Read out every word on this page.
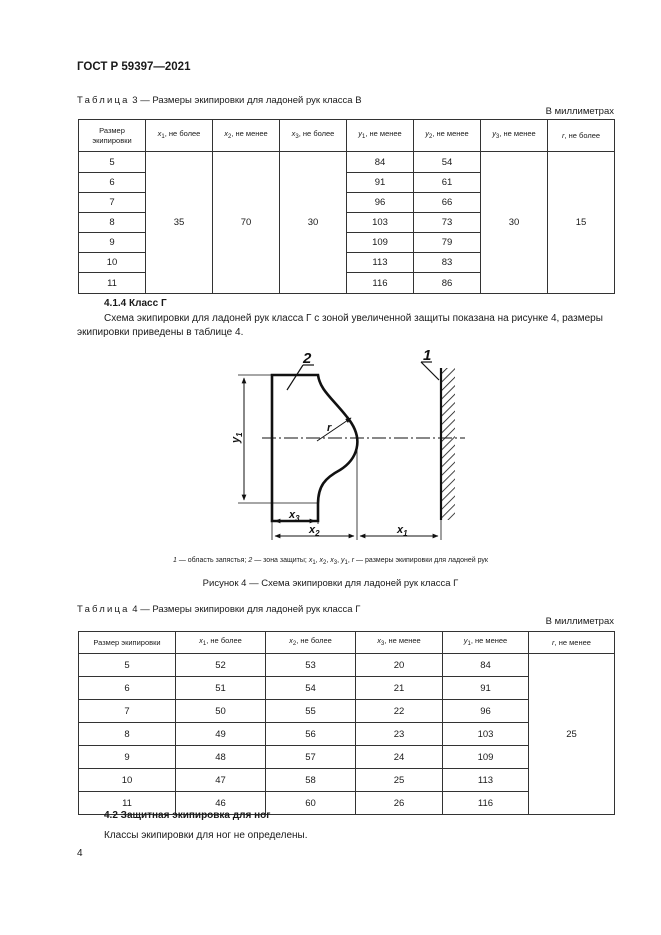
ГОСТ Р 59397—2021
Таблица 3 — Размеры экипировки для ладоней рук класса В
В миллиметрах
Размер экипировки	$x_1$, не более	$x_2$, не менее	$x_3$, не более	$y_1$, не менее	$y_2$, не менее	$y_3$, не менее	r, не более
5	35	70	30	84	54	30	15
6				91	61		
7				96	66		
8				103	73		
9				109	79		
10				113	83		
11				116	86		
4.1.4 Класс Г
Схема экипировки для ладоней рук класса Г с зоной увеличенной защиты показана на рисунке 4, размеры экипировки приведены в таблице 4.
2	1
r
$y_1$
$x_3$
$x_2$	$x_1$
1 — область запястья; 2 — зона защиты; x1, x2, x3, y1, r — размеры экипировки для ладоней рук
Рисунок 4 — Схема экипировки для ладоней рук класса Г
Таблица 4 — Размеры экипировки для ладоней рук класса Г
В миллиметрах
Размер экипировки	$x_1$, не более	$x_2$, не более	$x_3$, не менее	$y_1$, не менее	r, не менее
5	52	53	20	84	25
6	51	54	21	91	
7	50	55	22	96	
8	49	56	23	103	
9	48	57	24	109	
10	47	58	25	113	
11	46	60	26	116	
4.2 Защитная экипировка для ног
Классы экипировки для ног не определены.
4
